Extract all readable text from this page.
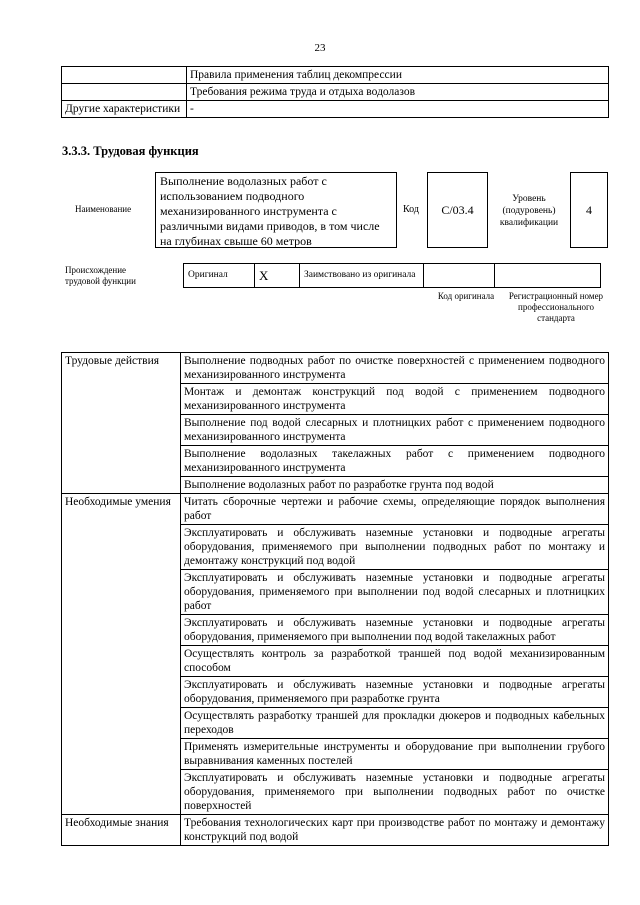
23
	Правила применения таблиц декомпрессии
	Требования режима труда и отдыха водолазов
Другие характеристики	-
3.3.3. Трудовая функция
Наименование
Выполнение водолазных работ с использованием подводного механизированного инструмента с различными видами приводов, в том числе на глубинах свыше 60 метров
Код	C/03.4
Уровень (подуровень) квалификации
4
Происхождение трудовой функции
Оригинал	X	Заимствовано из оригинала		
Код оригинала	Регистрационный номер профессионального стандарта
Трудовые действия	Выполнение подводных работ по очистке поверхностей с применением подводного механизированного инструмента
	Монтаж и демонтаж конструкций под водой с применением подводного механизированного инструмента
	Выполнение под водой слесарных и плотницких работ с применением подводного механизированного инструмента
	Выполнение водолазных такелажных работ с применением подводного механизированного инструмента
	Выполнение водолазных работ по разработке грунта под водой
Необходимые умения	Читать сборочные чертежи и рабочие схемы, определяющие порядок выполнения работ
	Эксплуатировать и обслуживать наземные установки и подводные агрегаты оборудования, применяемого при выполнении подводных работ по монтажу и демонтажу конструкций под водой
	Эксплуатировать и обслуживать наземные установки и подводные агрегаты оборудования, применяемого при выполнении под водой слесарных и плотницких работ
	Эксплуатировать и обслуживать наземные установки и подводные агрегаты оборудования, применяемого при выполнении под водой такелажных работ
	Осуществлять контроль за разработкой траншей под водой механизированным способом
	Эксплуатировать и обслуживать наземные установки и подводные агрегаты оборудования, применяемого при разработке грунта
	Осуществлять разработку траншей для прокладки дюкеров и подводных кабельных переходов
	Применять измерительные инструменты и оборудование при выполнении грубого выравнивания каменных постелей
	Эксплуатировать и обслуживать наземные установки и подводные агрегаты оборудования, применяемого при выполнении подводных работ по очистке поверхностей
Необходимые знания	Требования технологических карт при производстве работ по монтажу и демонтажу конструкций под водой
